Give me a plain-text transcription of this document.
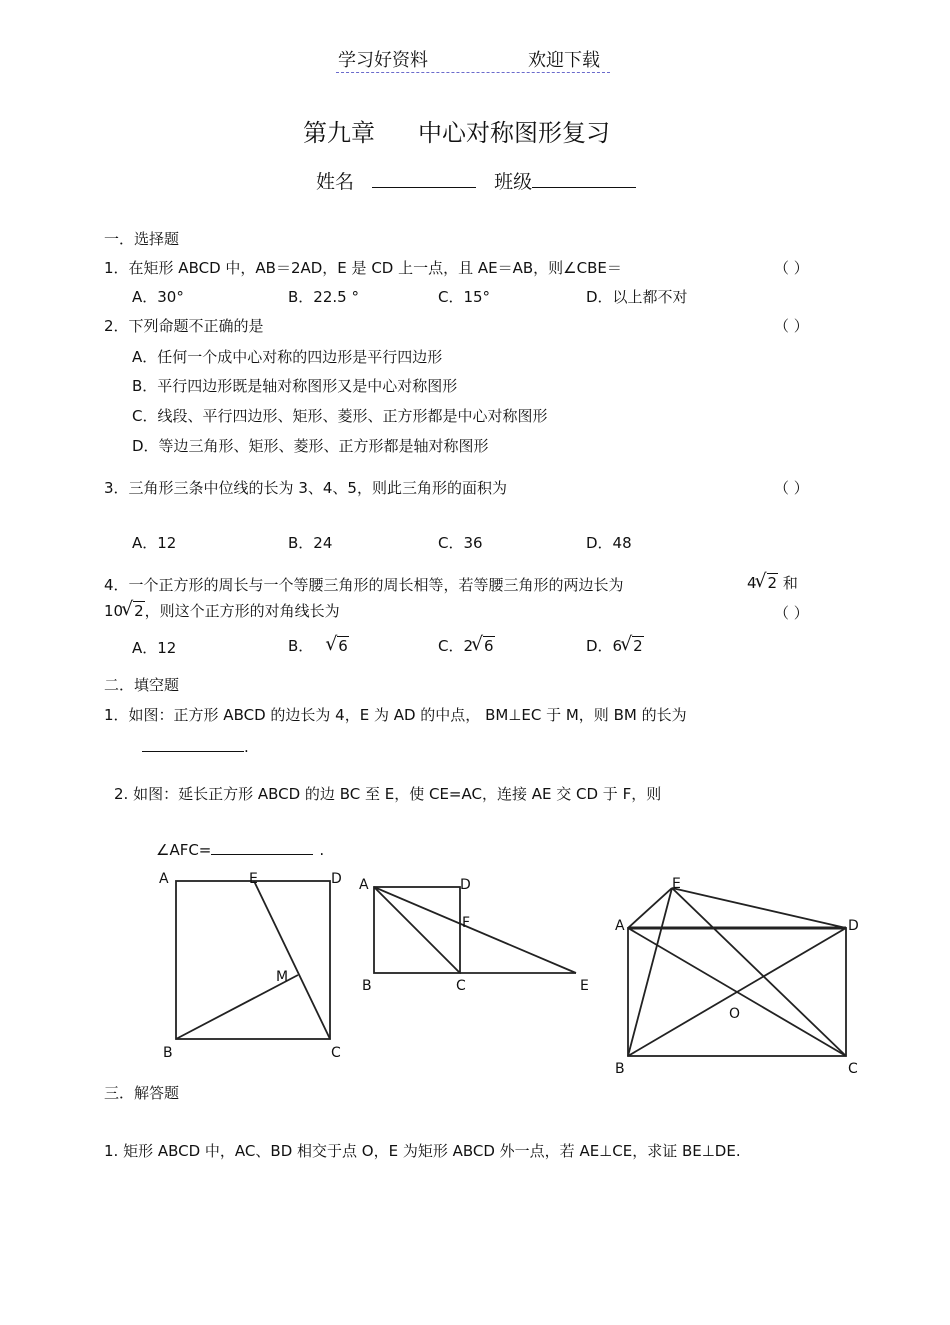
学习好资料	欢迎下载
第九章 中心对称图形复习
姓名	班级
一．选择题
1．在矩形 ABCD 中，AB＝2AD，E 是 CD 上一点，且 AE＝AB，则∠CBE＝	（ ）
A．30°	B．22.5 °	C．15°	D．以上都不对
2．下列命题不正确的是	（ ）
A．任何一个成中心对称的四边形是平行四边形
B．平行四边形既是轴对称图形又是中心对称图形
C．线段、平行四边形、矩形、菱形、正方形都是中心对称图形
D．等边三角形、矩形、菱形、正方形都是轴对称图形
3．三角形三条中位线的长为 3、4、5，则此三角形的面积为	（ ）
A．12	B．24	C．36	D．48
4．一个正方形的周长与一个等腰三角形的周长相等，若等腰三角形的两边长为	4
√ 2 和
10
√ 2，则这个正方形的对角线长为	（ ）
A．12	B． √ 6	C．2
√ 6	D．6
√ 2
二．填空题
1．如图：正方形 ABCD 的边长为 4，E 为 AD 的中点， BM⊥EC 于 M，则 BM 的长为
.
2. 如图：延长正方形 ABCD 的边 BC 至 E，使 CE=AC，连接 AE 交 CD 于 F，则
∠AFC=	.
A	E	D
M
B	C
A	D
F
B	C	E
E
A	D
O
B	C
三．解答题
1. 矩形 ABCD 中，AC、BD 相交于点 O，E 为矩形 ABCD 外一点，若 AE⊥CE，求证 BE⊥DE.
